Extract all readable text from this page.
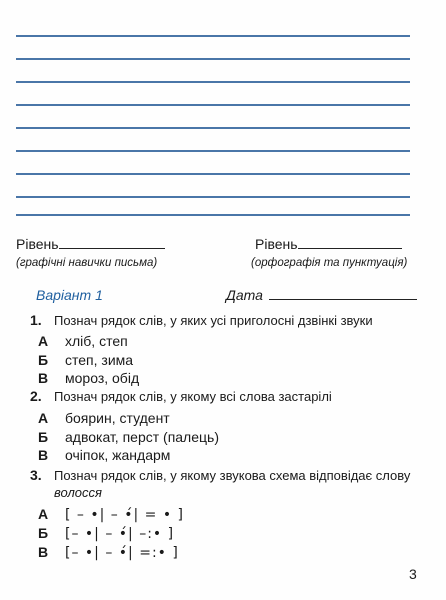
Рівень
(графічні навички письма)
Рівень
(орфографія та пунктуація)
Варіант 1	Дата
1. Познач рядок слів, у яких усі приголосні дзвінкі звуки
А хліб, степ
Б степ, зима
В мороз, обід
2. Познач рядок слів, у якому всі слова застарілі
А боярин, студент
Б адвокат, перст (палець)
В очіпок, жандарм
3. Познач рядок слів, у якому звукова схема відповідає слову
волосся
А [ – •| – •́| = • ]
Б [– •| – •́| –:• ]
В [– •| – •́| =:• ]
3
